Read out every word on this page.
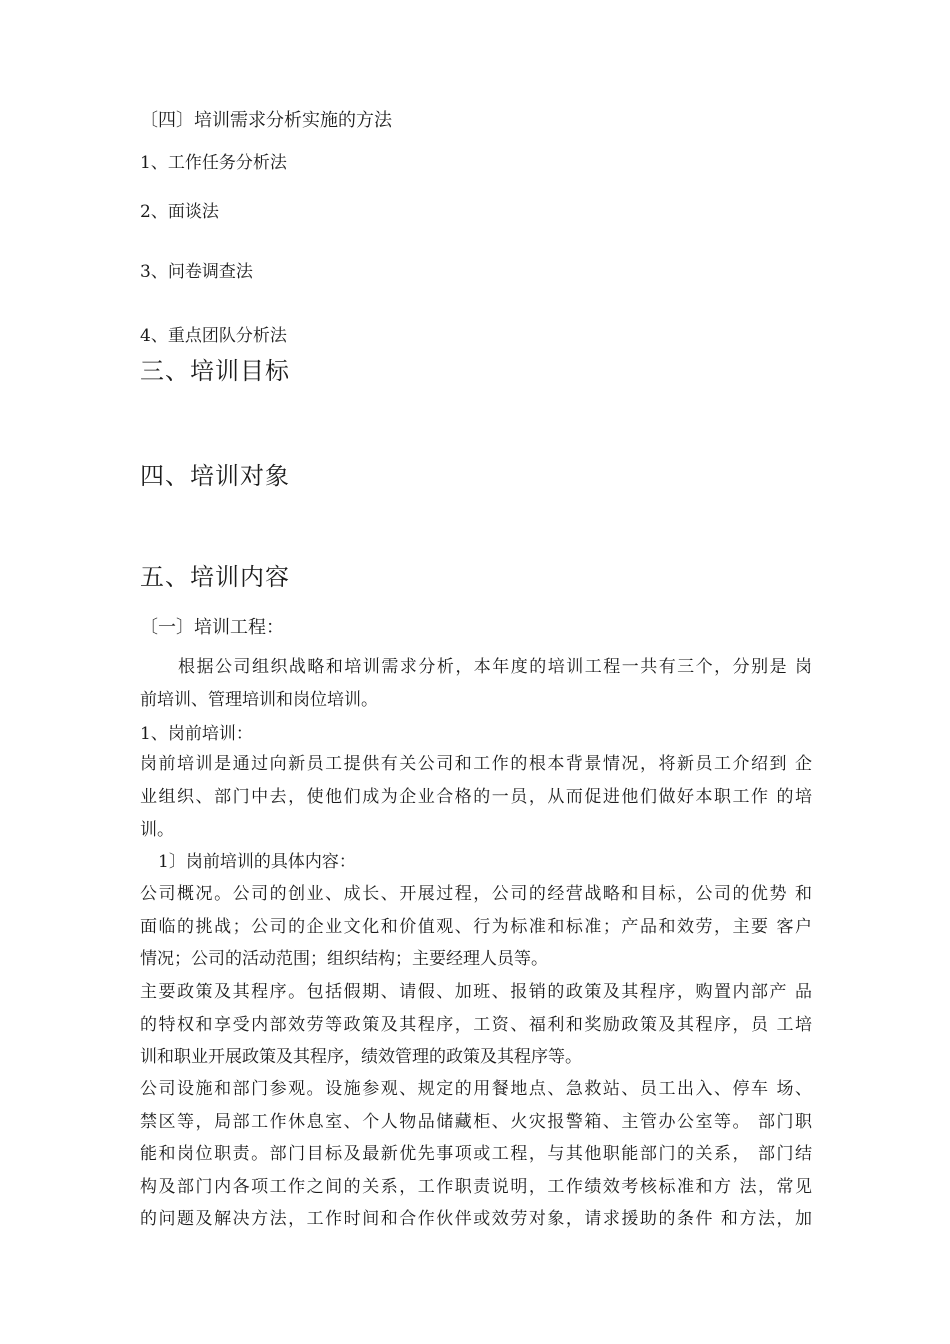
〔四〕培训需求分析实施的方法
1、工作任务分析法
2、面谈法
3、问卷调查法
4、重点团队分析法
三、培训目标
四、培训对象
五、培训内容
〔一〕培训工程：
根据公司组织战略和培训需求分析，本年度的培训工程一共有三个，分别是 岗
前培训、管理培训和岗位培训。
1、岗前培训：
岗前培训是通过向新员工提供有关公司和工作的根本背景情况，将新员工介绍到 企
业组织、部门中去，使他们成为企业合格的一员，从而促进他们做好本职工作 的培
训。
1〕岗前培训的具体内容：
公司概况。公司的创业、成长、开展过程，公司的经营战略和目标，公司的优势 和
面临的挑战；公司的企业文化和价值观、行为标准和标准；产品和效劳，主要 客户
情况；公司的活动范围；组织结构；主要经理人员等。
主要政策及其程序。包括假期、请假、加班、报销的政策及其程序，购置内部产 品
的特权和享受内部效劳等政策及其程序，工资、福利和奖励政策及其程序，员 工培
训和职业开展政策及其程序，绩效管理的政策及其程序等。
公司设施和部门参观。设施参观、规定的用餐地点、急救站、员工出入、停车 场、
禁区等，局部工作休息室、个人物品储藏柜、火灾报警箱、主管办公室等。 部门职
能和岗位职责。部门目标及最新优先事项或工程，与其他职能部门的关系， 部门结
构及部门内各项工作之间的关系，工作职责说明，工作绩效考核标准和方 法，常见
的问题及解决方法，工作时间和合作伙伴或效劳对象，请求援助的条件 和方法，加
